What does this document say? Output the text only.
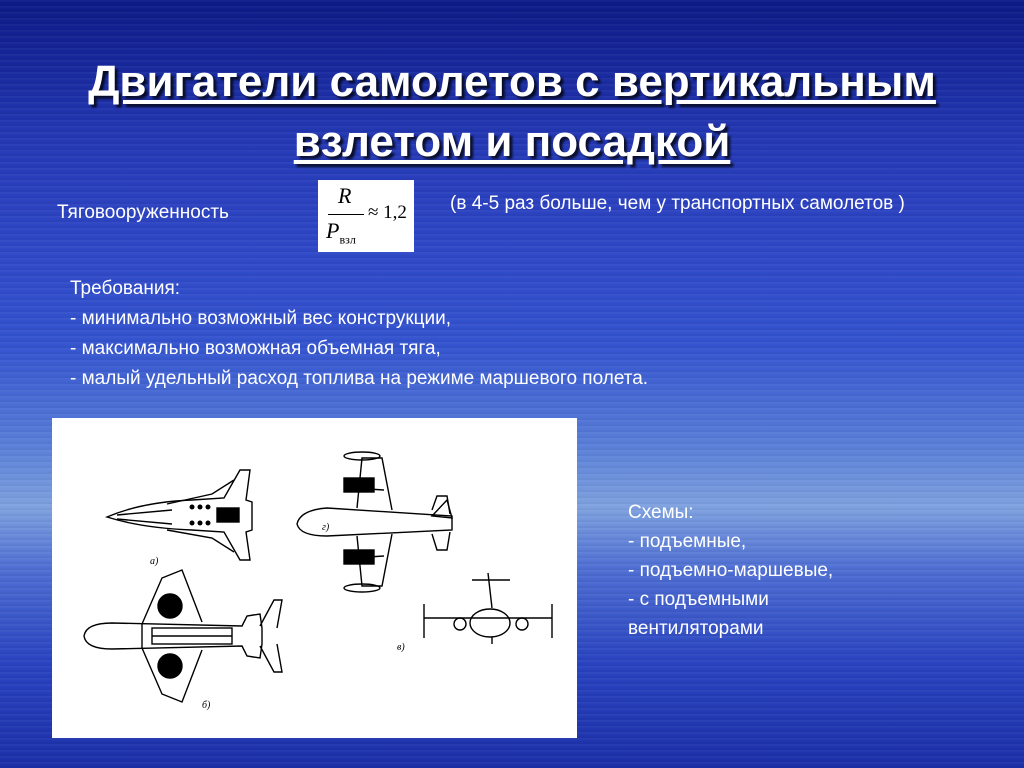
Двигатели самолетов с вертикальным
взлетом и посадкой
Тяговооруженность
R
$P_{взл}$
≈ 1,2 (в 4-5 раз больше, чем у транспортных самолетов )
Требования:
- минимально возможный вес конструкции,
- максимально возможная объемная тяга,
- малый удельный расход топлива на режиме маршевого полета.
а)
б)
в)
г)
Схемы:
- подъемные,
- подъемно-маршевые,
- с подъемными
вентиляторами
